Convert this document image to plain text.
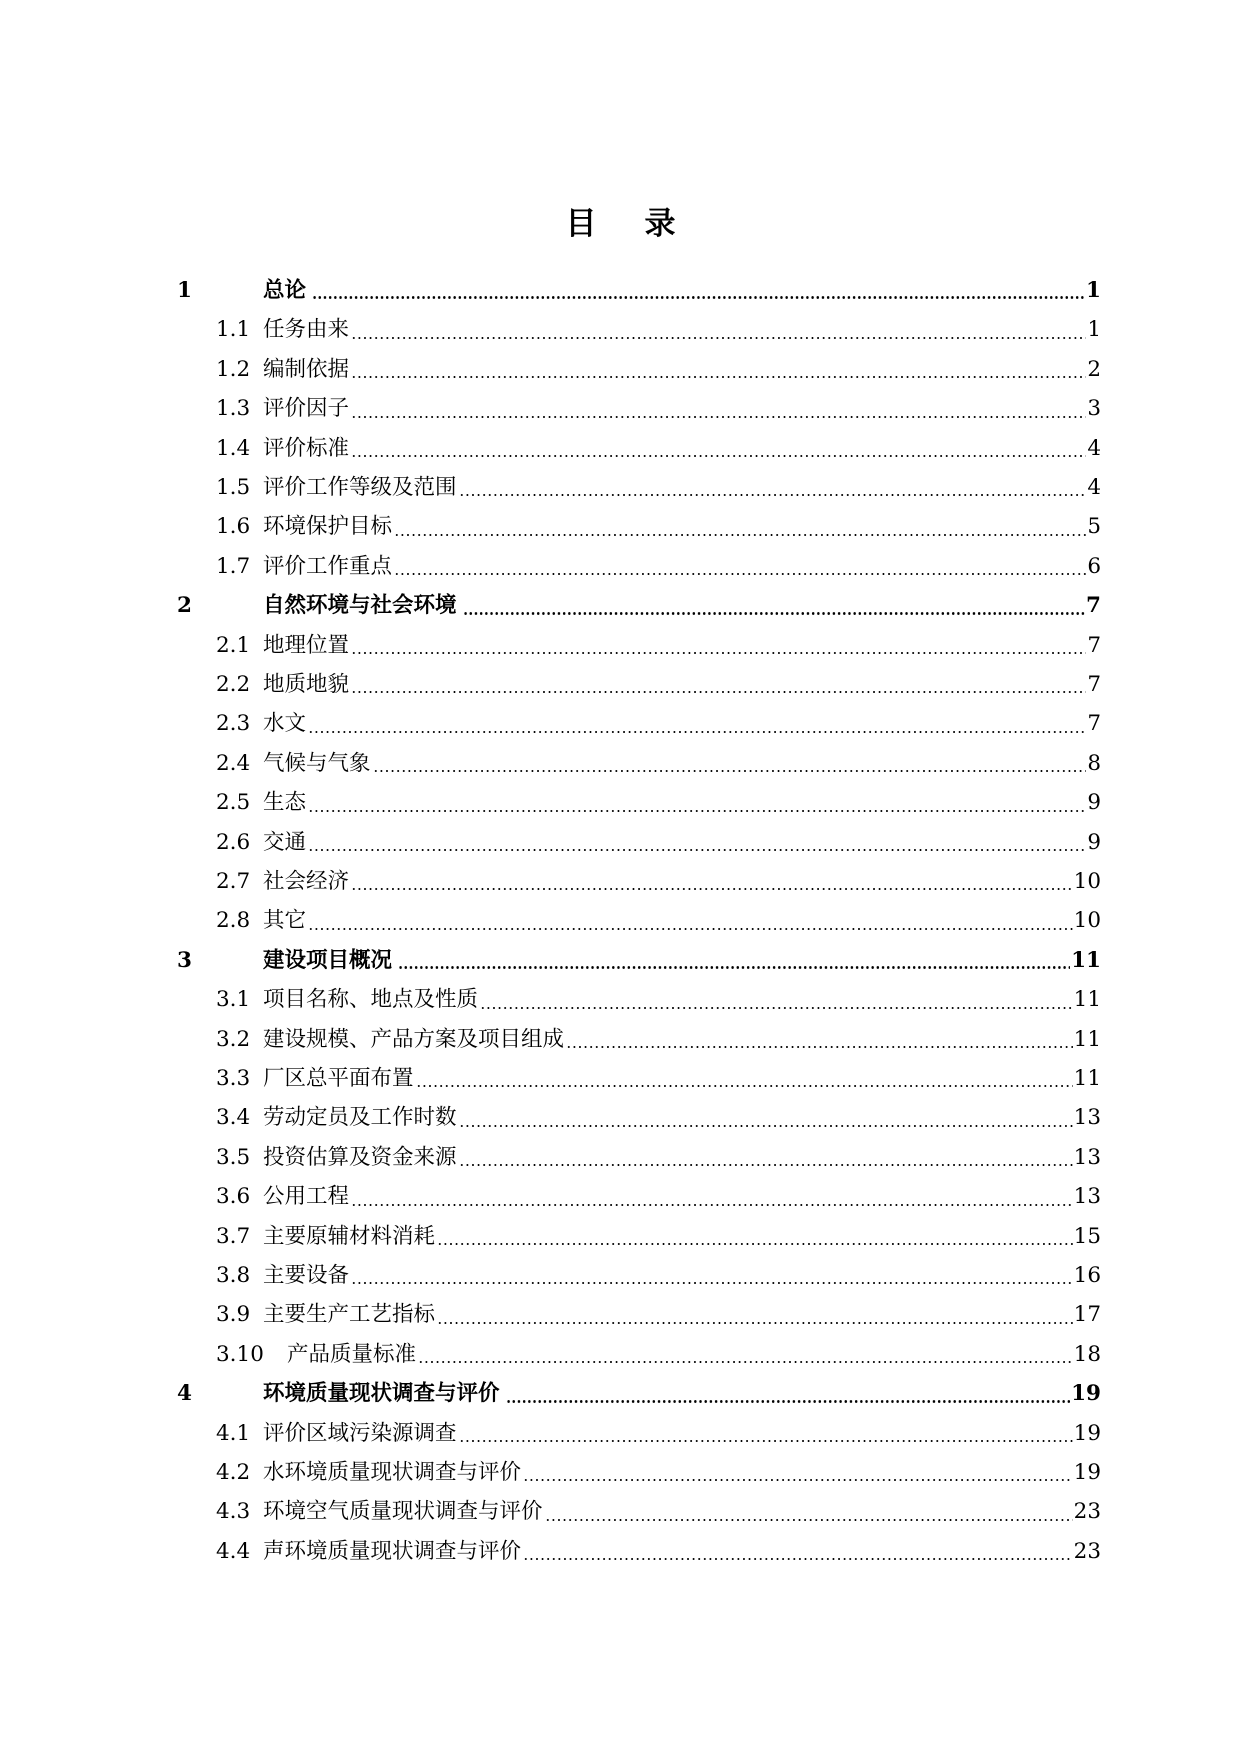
目 录
1	总论	1
1.1 任务由来	1
1.2 编制依据	2
1.3 评价因子	3
1.4 评价标准	4
1.5 评价工作等级及范围	4
1.6 环境保护目标	5
1.7 评价工作重点	6
2	自然环境与社会环境	7
2.1 地理位置	7
2.2 地质地貌	7
2.3 水文	7
2.4 气候与气象	8
2.5 生态	9
2.6 交通	9
2.7 社会经济	10
2.8 其它	10
3	建设项目概况	11
3.1 项目名称、地点及性质	11
3.2 建设规模、产品方案及项目组成	11
3.3 厂区总平面布置	11
3.4 劳动定员及工作时数	13
3.5 投资估算及资金来源	13
3.6 公用工程	13
3.7 主要原辅材料消耗	15
3.8 主要设备	16
3.9 主要生产工艺指标	17
3.10 产品质量标准	18
4	环境质量现状调查与评价	19
4.1 评价区域污染源调查	19
4.2 水环境质量现状调查与评价	19
4.3 环境空气质量现状调查与评价	23
4.4 声环境质量现状调查与评价	23
